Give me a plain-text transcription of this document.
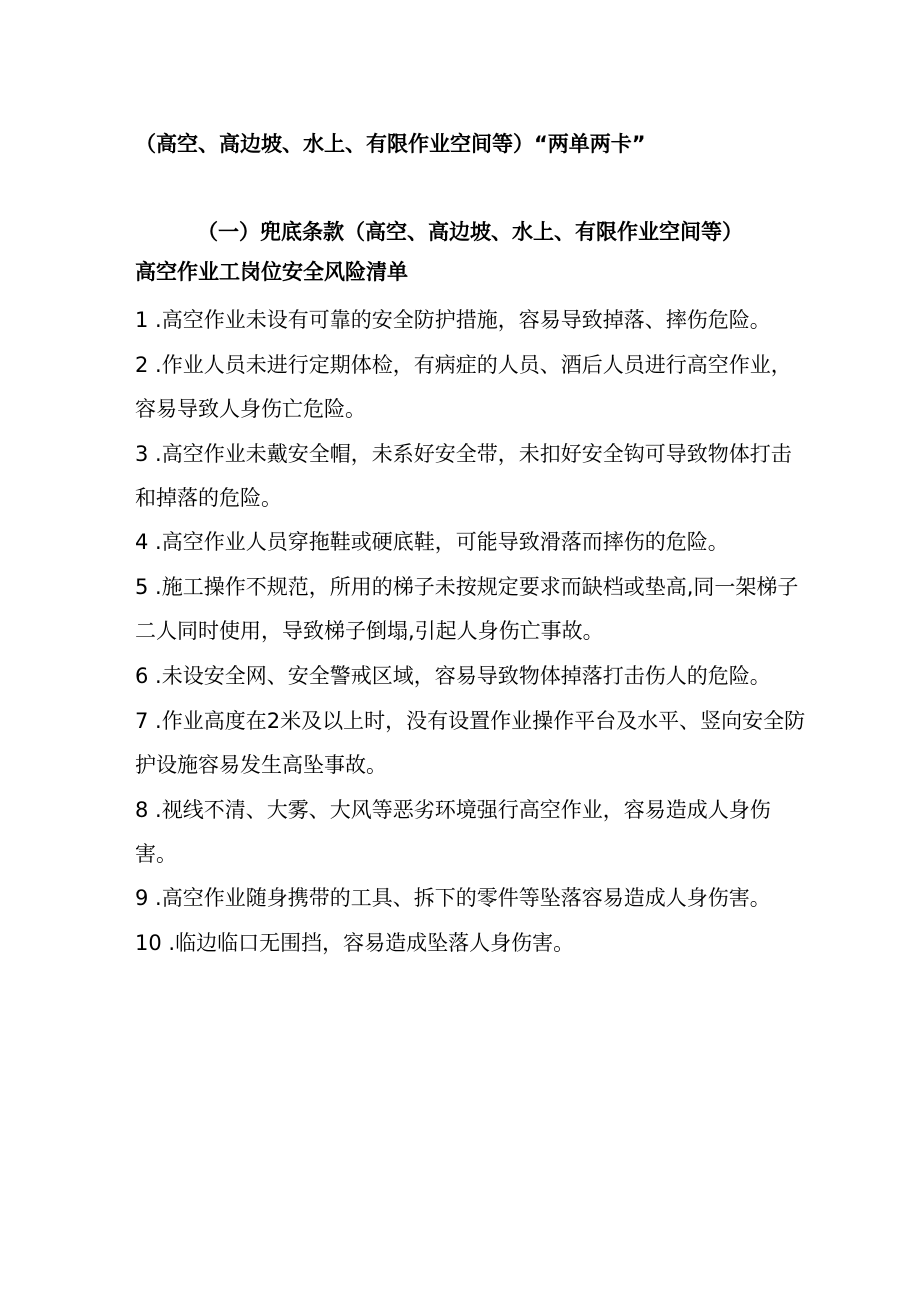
（高空、高边坡、水上、有限作业空间等）“两单两卡”
（一）兜底条款（高空、高边坡、水上、有限作业空间等）
高空作业工岗位安全风险清单
1 .高空作业未设有可靠的安全防护措施，容易导致掉落、摔伤危险。
2 .作业人员未进行定期体检，有病症的人员、酒后人员进行高空作业，容易导致人身伤亡危险。
3 .高空作业未戴安全帽，未系好安全带，未扣好安全钩可导致物体打击和掉落的危险。
4 .高空作业人员穿拖鞋或硬底鞋，可能导致滑落而摔伤的危险。
5 .施工操作不规范，所用的梯子未按规定要求而缺档或垫高,同一架梯子二人同时使用，导致梯子倒塌,引起人身伤亡事故。
6 .未设安全网、安全警戒区域，容易导致物体掉落打击伤人的危险。
7 .作业高度在2米及以上时，没有设置作业操作平台及水平、竖向安全防护设施容易发生高坠事故。
8 .视线不清、大雾、大风等恶劣环境强行高空作业，容易造成人身伤害。
9 .高空作业随身携带的工具、拆下的零件等坠落容易造成人身伤害。
10 .临边临口无围挡，容易造成坠落人身伤害。
